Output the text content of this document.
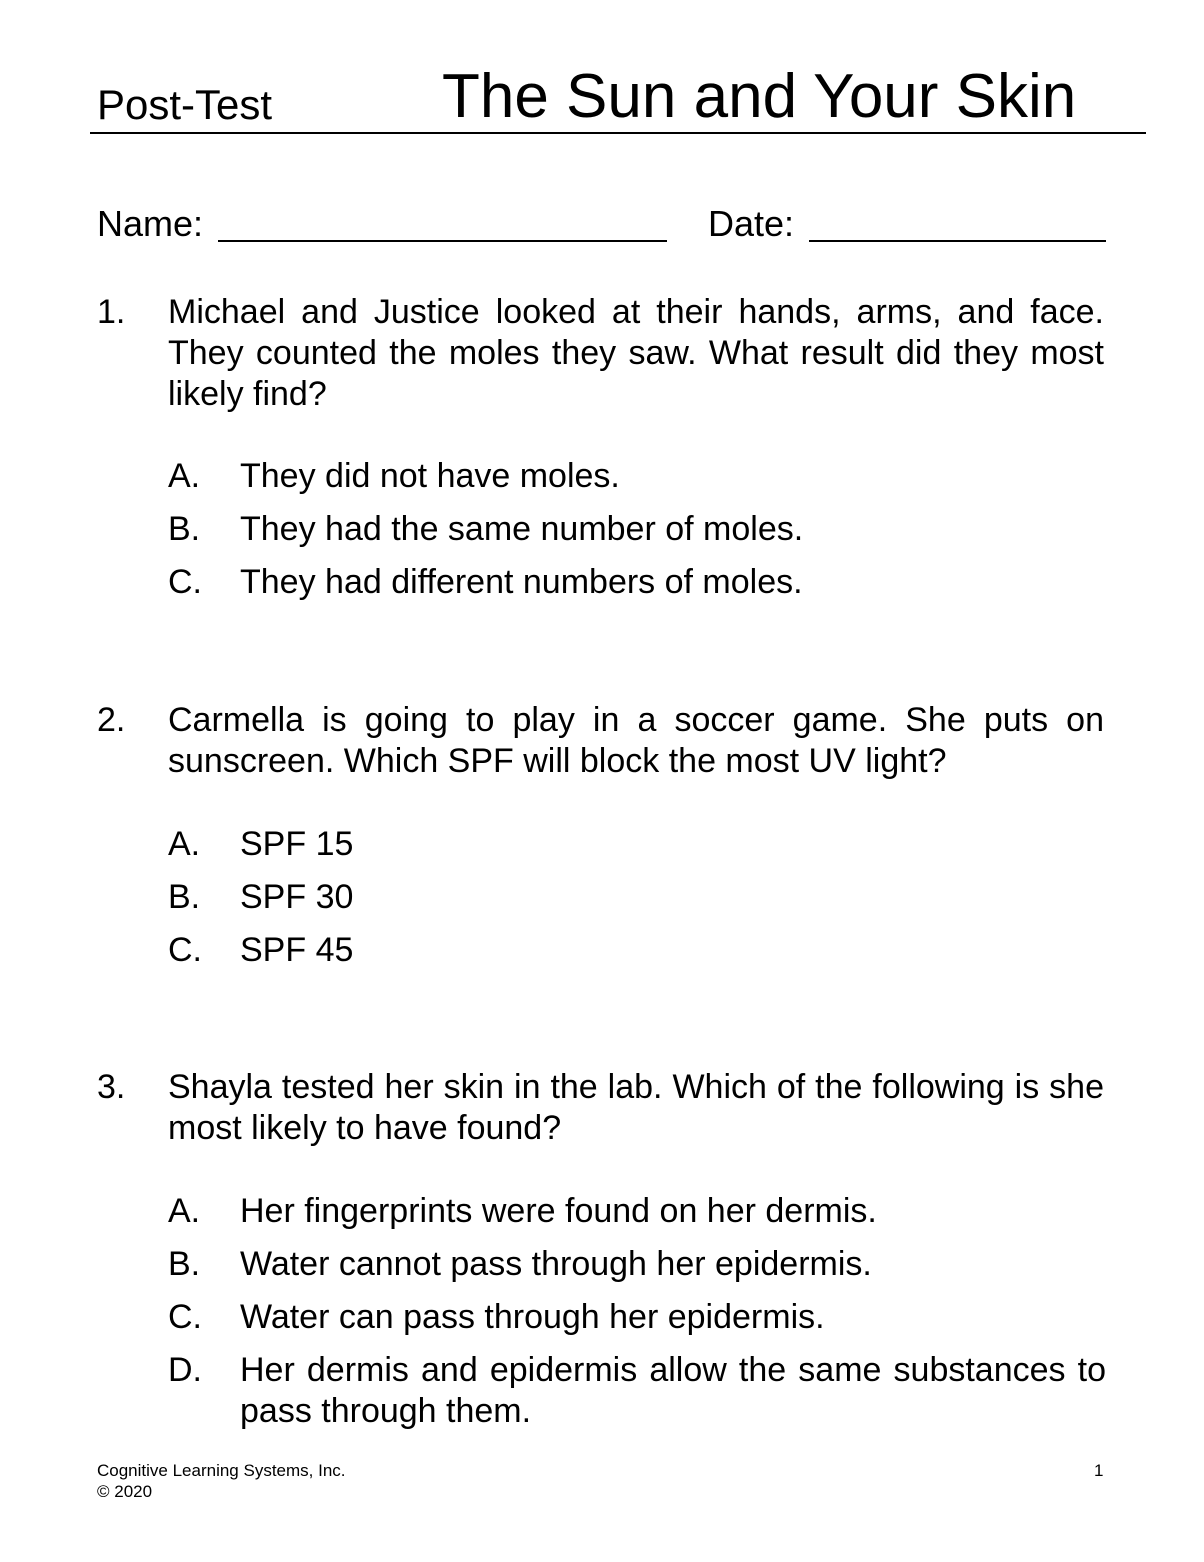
Post-Test	The Sun and Your Skin
Name:	Date:
1. Michael and Justice looked at their hands, arms, and face. They counted the moles they saw. What result did they most likely find?
A. They did not have moles.
B. They had the same number of moles.
C. They had different numbers of moles.
2. Carmella is going to play in a soccer game. She puts on sunscreen. Which SPF will block the most UV light?
A. SPF 15
B. SPF 30
C. SPF 45
3. Shayla tested her skin in the lab. Which of the following is she most likely to have found?
A. Her fingerprints were found on her dermis.
B. Water cannot pass through her epidermis.
C. Water can pass through her epidermis.
D. Her dermis and epidermis allow the same substances to pass through them.
Cognitive Learning Systems, Inc.
© 2020
1
